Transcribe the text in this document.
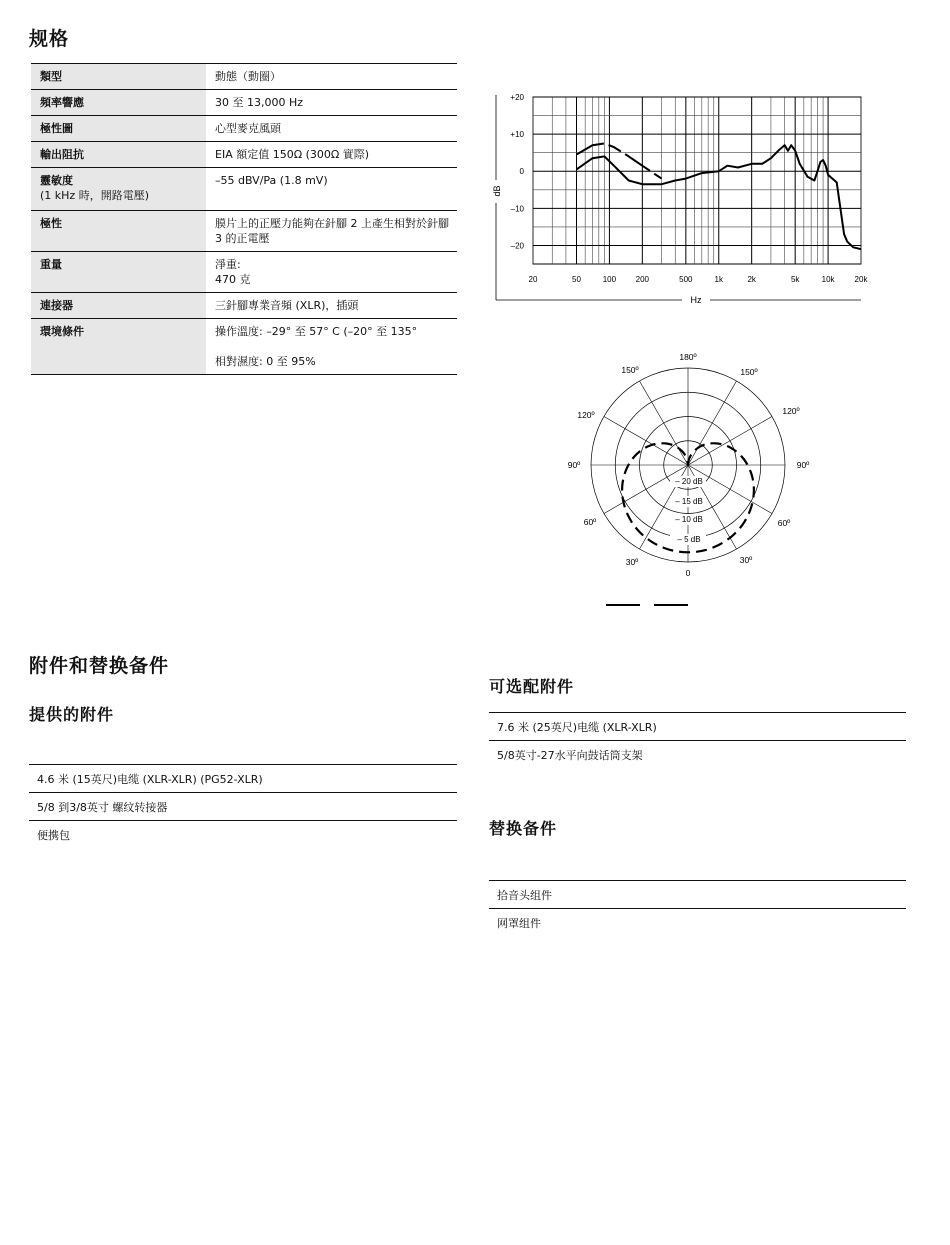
规格
類型	動態（動圈）
頻率響應	30 至 13,000 Hz
極性圖	心型麥克風頭
輸出阻抗	EIA 額定值 150Ω (300Ω 實際)

靈敏度
(1 kHz 時，開路電壓)	–55 dBV/Pa (1.8 mV)
極性	膜片上的正壓力能夠在針腳 2 上產生相對於針腳 3 的正電壓
重量	淨重:
470 克

連接器	三針腳專業音頻 (XLR)，插頭
環境條件	操作溫度: –29° 至 57° C (–20° 至 135°
相對濕度: 0 至 95%
+20
+10
0
–10
–20
20	50	100 200	500	1k	2k	5k	10k	20k
dB
Hz
– 20 dB
– 15 dB
– 10 dB
– 5 dB
180º
150º	150º
120º	120º
90º	90º
60º	60º
30º	30º
0
附件和替换备件
提供的附件
4.6 米 (15英尺)电缆 (XLR-XLR) (PG52-XLR)
5/8 到3/8英寸 螺纹转接器
便携包
可选配附件
7.6 米 (25英尺)电缆 (XLR-XLR)
5/8英寸-27水平向鼓话筒支架
替换备件
拾音头组件
网罩组件
